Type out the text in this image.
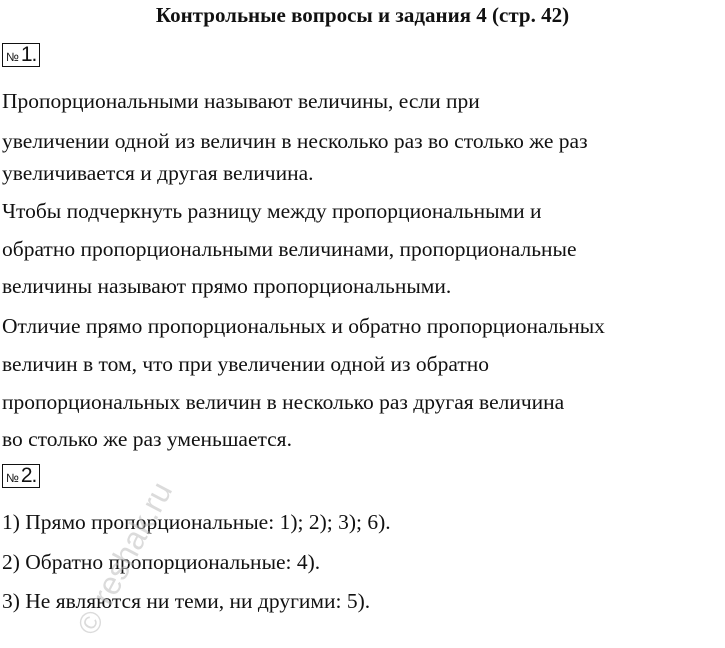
Контрольные вопросы и задания 4 (стр. 42)
№ 1.
Пропорциональными называют величины, если при
увеличении одной из величин в несколько раз во столько же раз
увеличивается и другая величина.
Чтобы подчеркнуть разницу между пропорциональными и
обратно пропорциональными величинами, пропорциональные
величины называют прямо пропорциональными.
Отличие прямо пропорциональных и обратно пропорциональных
величин в том, что при увеличении одной из обратно
пропорциональных величин в несколько раз другая величина
во столько же раз уменьшается.
№ 2.
1) Прямо пропорциональные: 1); 2); 3); 6).
2) Обратно пропорциональные: 4).
3) Не являются ни теми, ни другими: 5).
©
reshak.ru
